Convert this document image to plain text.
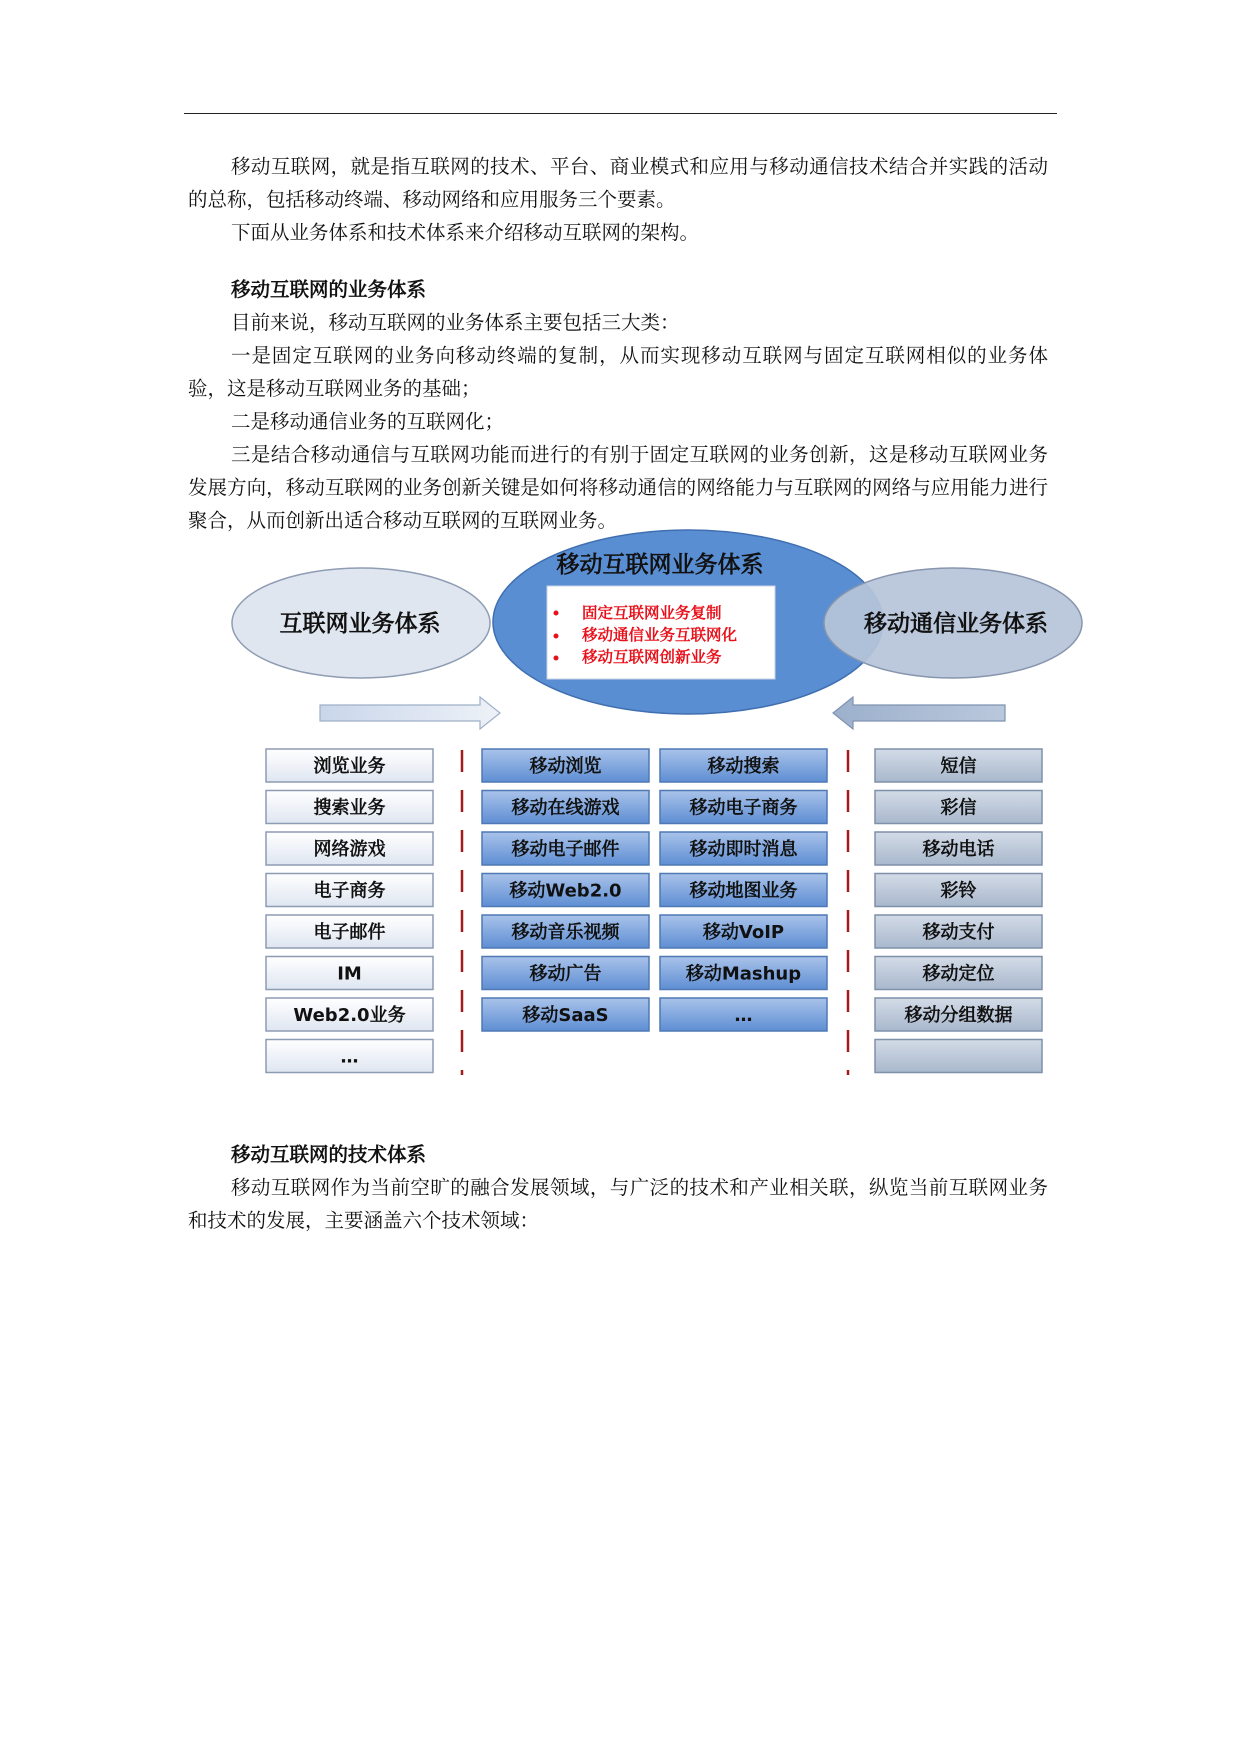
移动互联网，就是指互联网的技术、平台、商业模式和应用与移动通信技术结合并实践的活动的总称，包括移动终端、移动网络和应用服务三个要素。

下面从业务体系和技术体系来介绍移动互联网的架构。

移动互联网的业务体系

目前来说，移动互联网的业务体系主要包括三大类：

一是固定互联网的业务向移动终端的复制，从而实现移动互联网与固定互联网相似的业务体验，这是移动互联网业务的基础；

二是移动通信业务的互联网化；

三是结合移动通信与互联网功能而进行的有别于固定互联网的业务创新，这是移动互联网业务发展方向，移动互联网的业务创新关键是如何将移动通信的网络能力与互联网的网络与应用能力进行聚合，从而创新出适合移动互联网的互联网业务。

移动互联网业务体系
互联网业务体系	移动通信业务体系
固定互联网业务复制
移动通信业务互联网化
移动互联网创新业务
浏览业务
搜索业务
网络游戏
电子商务
电子邮件
IM
Web2.0业务
…
移动浏览
移动在线游戏
移动电子邮件
移动Web2.0
移动音乐视频
移动广告
移动SaaS
移动搜索
移动电子商务
移动即时消息
移动地图业务
移动VoIP
移动Mashup
…
短信
彩信
移动电话
彩铃
移动支付
移动定位
移动分组数据

移动互联网的技术体系

移动互联网作为当前空旷的融合发展领域，与广泛的技术和产业相关联，纵览当前互联网业务和技术的发展，主要涵盖六个技术领域：
